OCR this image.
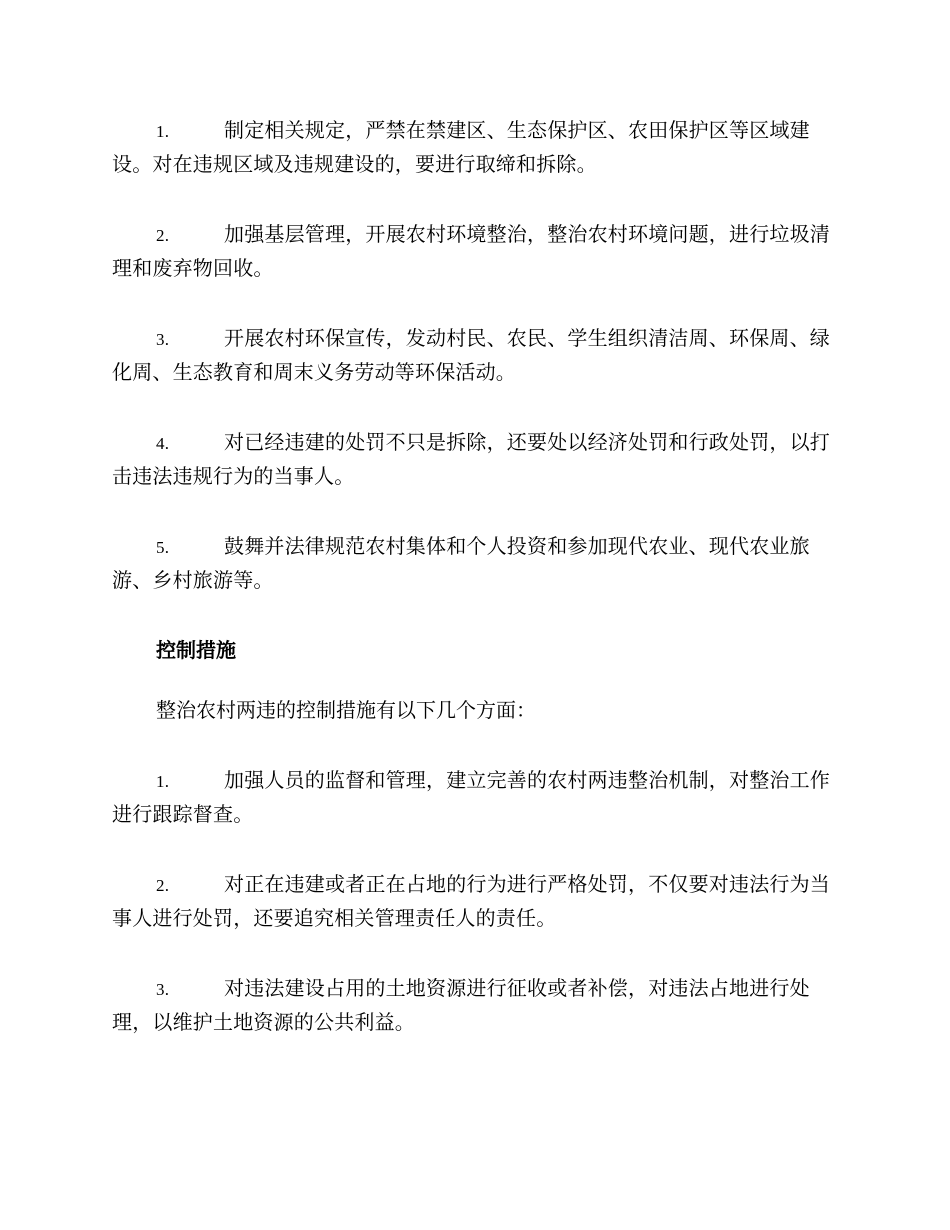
1.	制定相关规定，严禁在禁建区、生态保护区、农田保护区等区域建设。对在违规区域及违规建设的，要进行取缔和拆除。
2.	加强基层管理，开展农村环境整治，整治农村环境问题，进行垃圾清理和废弃物回收。
3.	开展农村环保宣传，发动村民、农民、学生组织清洁周、环保周、绿化周、生态教育和周末义务劳动等环保活动。
4.	对已经违建的处罚不只是拆除，还要处以经济处罚和行政处罚，以打击违法违规行为的当事人。
5.	鼓舞并法律规范农村集体和个人投资和参加现代农业、现代农业旅游、乡村旅游等。
控制措施
整治农村两违的控制措施有以下几个方面：
1.	加强人员的监督和管理，建立完善的农村两违整治机制，对整治工作进行跟踪督查。
2.	对正在违建或者正在占地的行为进行严格处罚，不仅要对违法行为当事人进行处罚，还要追究相关管理责任人的责任。
3.	对违法建设占用的土地资源进行征收或者补偿，对违法占地进行处理，以维护土地资源的公共利益。
